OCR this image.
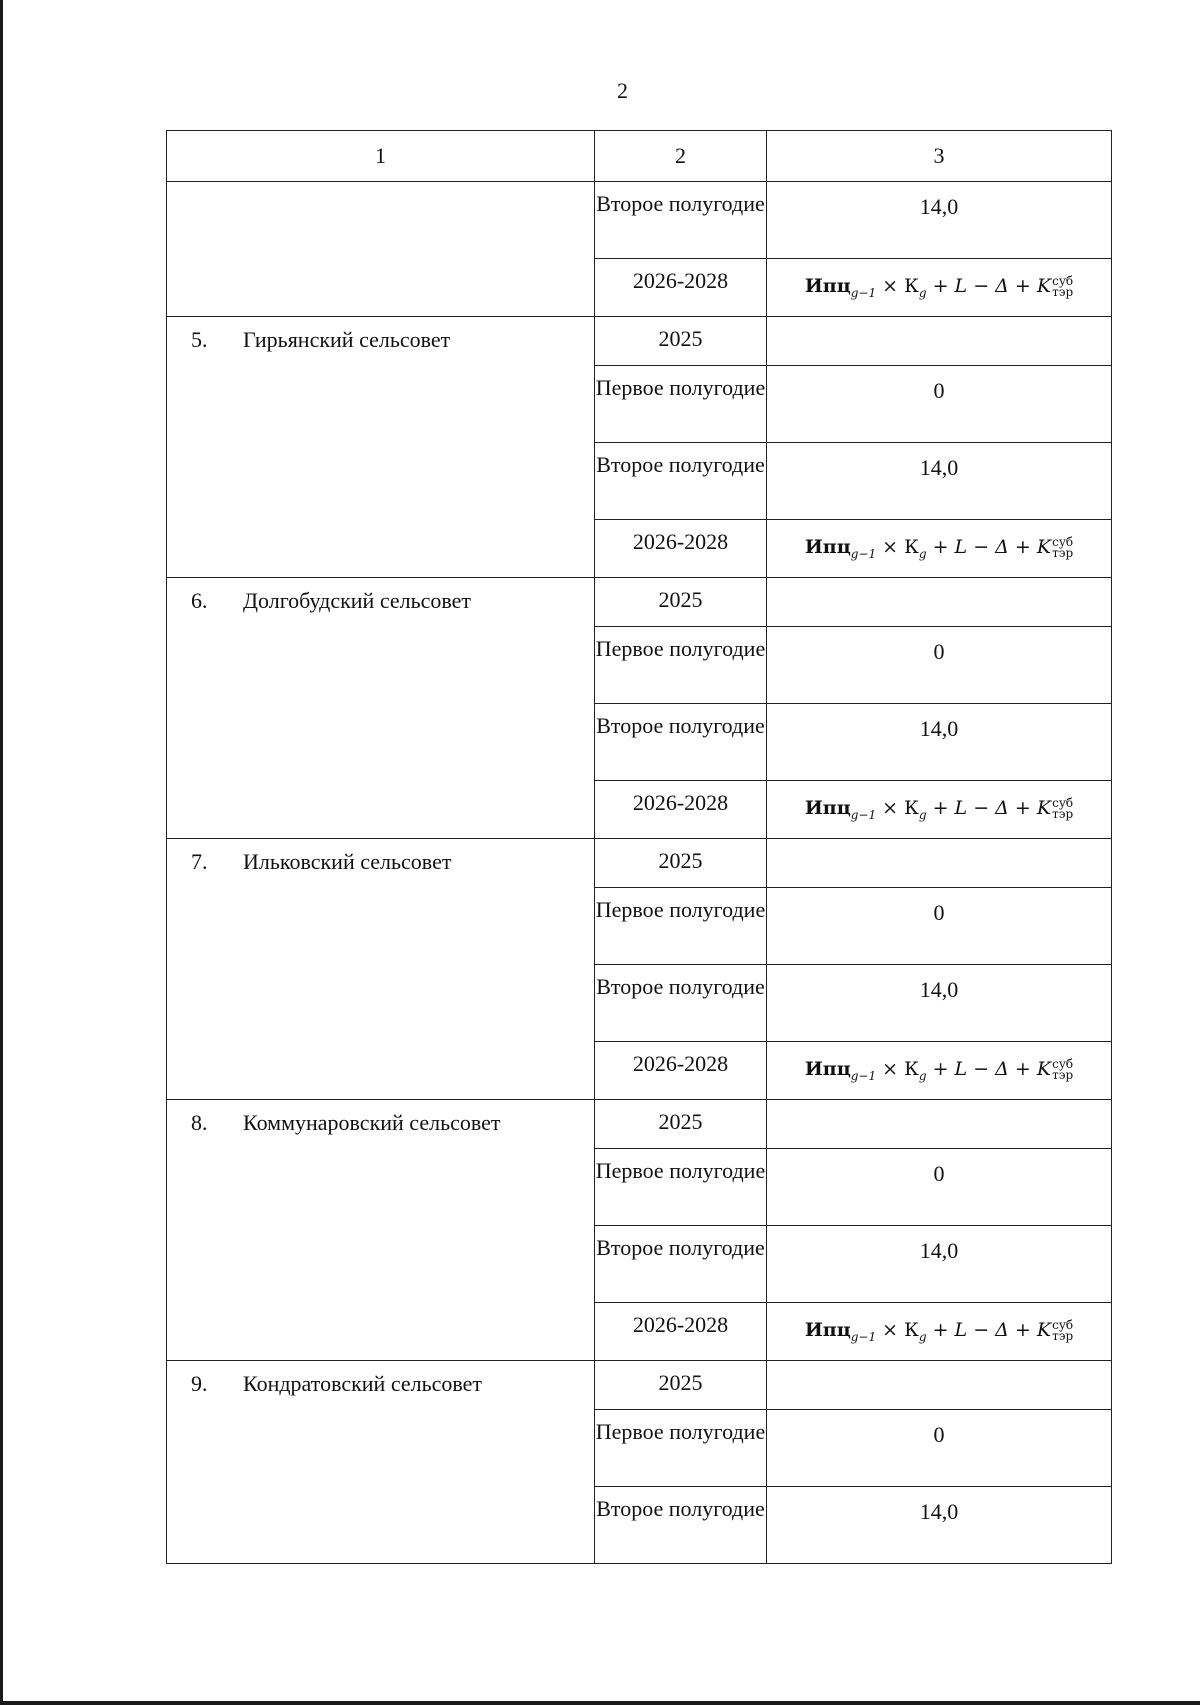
2
1	2	3
	Второе полугодие	14,0
	2026-2028	$Ипц_{g-1} \times К_g + L - \Delta + K$ суб
тэр

5. Гирьянский сельсовет	2025	
	Первое полугодие	0
	Второе полугодие	14,0
	2026-2028	$Ипц_{g-1} \times К_g + L - \Delta + K$ суб
тэр

6. Долгобудский сельсовет	2025	
	Первое полугодие	0
	Второе полугодие	14,0
	2026-2028	$Ипц_{g-1} \times К_g + L - \Delta + K$ суб
тэр

7. Ильковский сельсовет	2025	
	Первое полугодие	0
	Второе полугодие	14,0
	2026-2028	$Ипц_{g-1} \times К_g + L - \Delta + K$ суб
тэр

8. Коммунаровский сельсовет	2025	
	Первое полугодие	0
	Второе полугодие	14,0
	2026-2028	$Ипц_{g-1} \times К_g + L - \Delta + K$ суб
тэр

9. Кондратовский сельсовет	2025	
	Первое полугодие	0
	Второе полугодие	14,0
